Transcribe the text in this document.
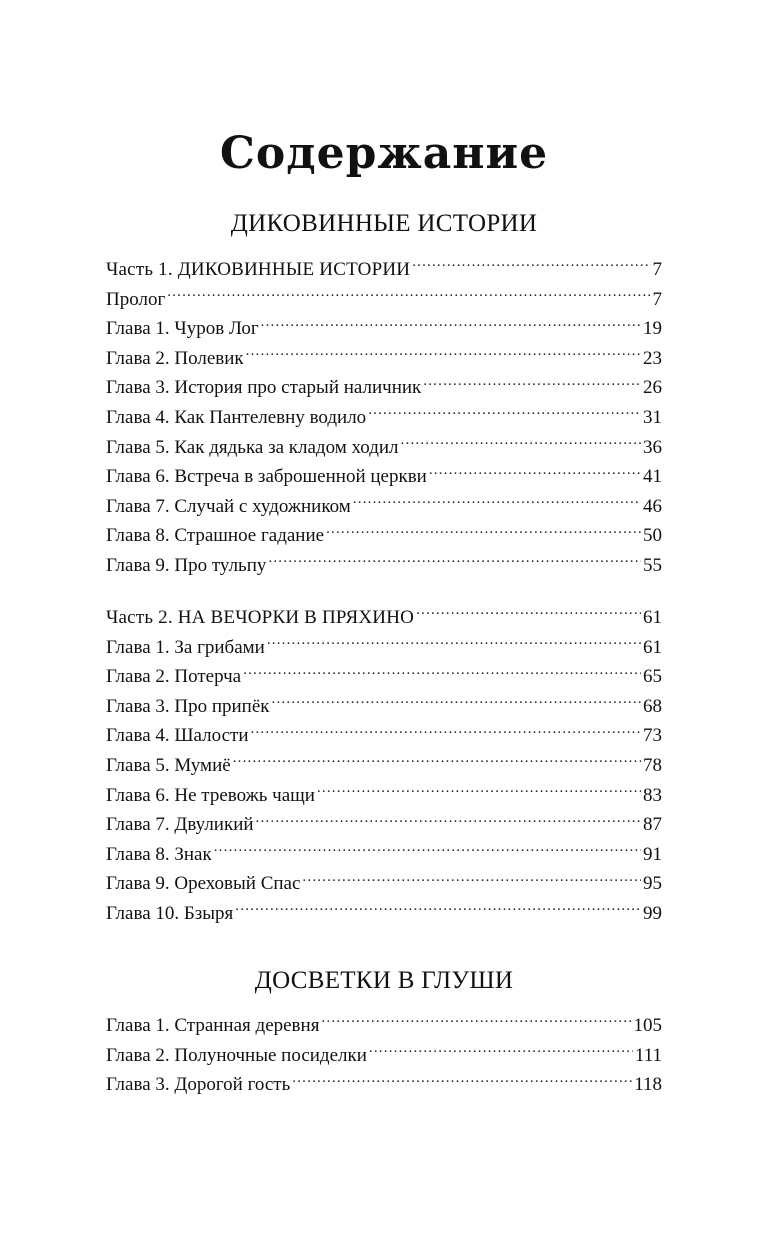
Содержание
ДИКОВИННЫЕ ИСТОРИИ
Часть 1. ДИКОВИННЫЕ ИСТОРИИ .....	7
Пролог .....	7
Глава 1. Чуров Лог .....	19
Глава 2. Полевик .....	23
Глава 3. История про старый наличник .....	26
Глава 4. Как Пантелевну водило .....	31
Глава 5. Как дядька за кладом ходил .....	36
Глава 6. Встреча в заброшенной церкви .....	41
Глава 7. Случай с художником .....	46
Глава 8. Страшное гадание .....	50
Глава 9. Про тульпу .....	55
Часть 2. НА ВЕЧОРКИ В ПРЯХИНО .....	61
Глава 1. За грибами .....	61
Глава 2. Потерча .....	65
Глава 3. Про припёк .....	68
Глава 4. Шалости .....	73
Глава 5. Мумиё .....	78
Глава 6. Не тревожь чащи .....	83
Глава 7. Двуликий .....	87
Глава 8. Знак .....	91
Глава 9. Ореховый Спас .....	95
Глава 10. Бзыря .....	99
ДОСВЕТКИ В ГЛУШИ
Глава 1. Странная деревня .....	105
Глава 2. Полуночные посиделки .....	111
Глава 3. Дорогой гость .....	118
